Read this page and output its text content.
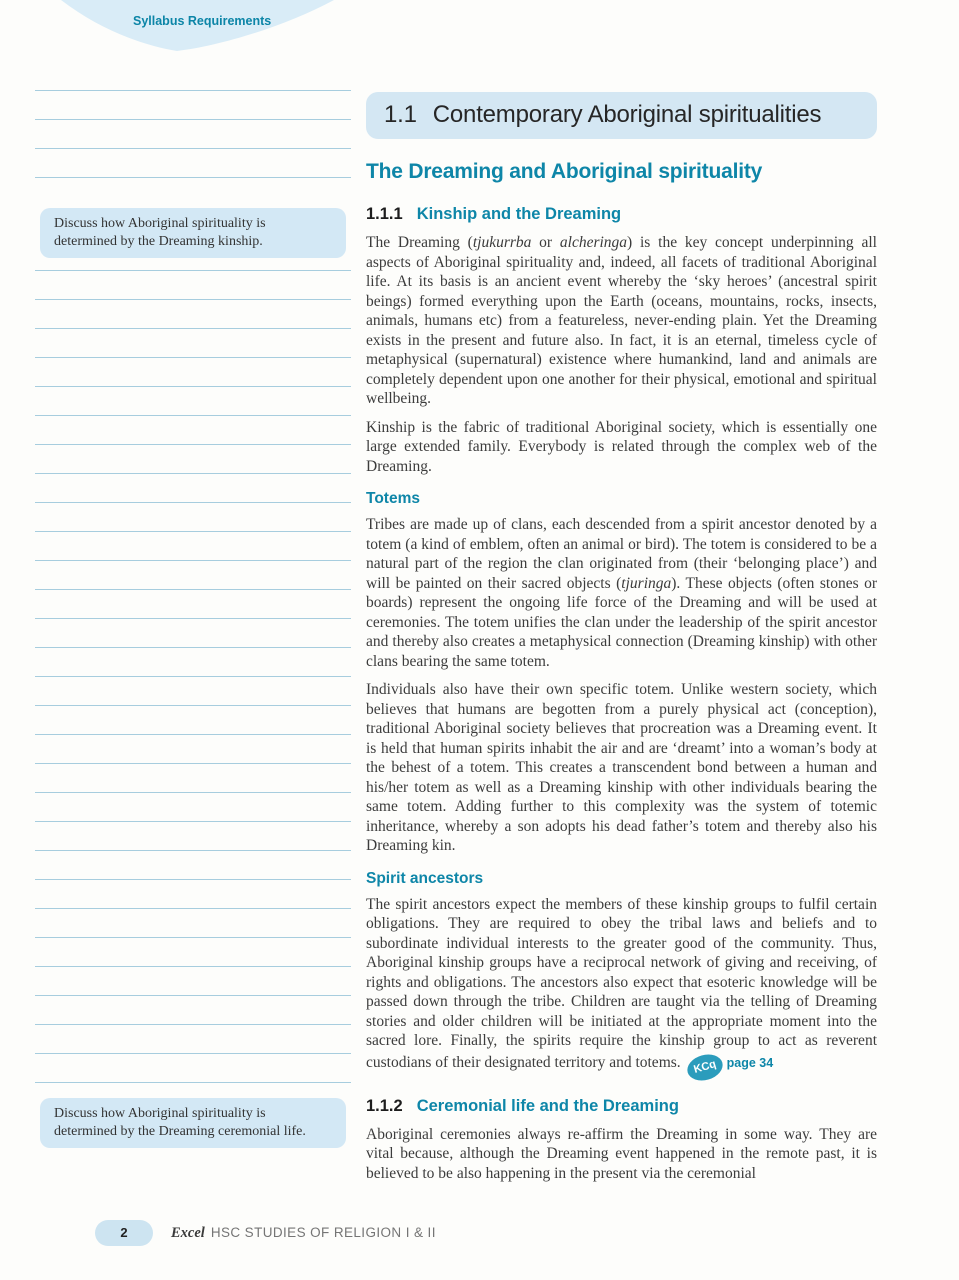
Syllabus Requirements
Discuss how Aboriginal spirituality is determined by the Dreaming kinship.
Discuss how Aboriginal spirituality is determined by the Dreaming ceremonial life.
1.1 Contemporary Aboriginal spiritualities
The Dreaming and Aboriginal spirituality
1.1.1 Kinship and the Dreaming

The Dreaming (tjukurrba or alcheringa) is the key concept underpinning all aspects of Aboriginal spirituality and, indeed, all facets of traditional Aboriginal life. At its basis is an ancient event whereby the ‘sky heroes’ (ancestral spirit beings) formed everything upon the Earth (oceans, mountains, rocks, insects, animals, humans etc) from a featureless, never-ending plain. Yet the Dreaming exists in the present and future also. In fact, it is an eternal, timeless cycle of metaphysical (supernatural) existence where humankind, land and animals are completely dependent upon one another for their physical, emotional and spiritual wellbeing.

Kinship is the fabric of traditional Aboriginal society, which is essentially one large extended family. Everybody is related through the complex web of the Dreaming.

Totems

Tribes are made up of clans, each descended from a spirit ancestor denoted by a totem (a kind of emblem, often an animal or bird). The totem is considered to be a natural part of the region the clan originated from (their ‘belonging place’) and will be painted on their sacred objects (tjuringa). These objects (often stones or boards) represent the ongoing life force of the Dreaming and will be used at ceremonies. The totem unifies the clan under the leadership of the spirit ancestor and thereby also creates a metaphysical connection (Dreaming kinship) with other clans bearing the same totem.

Individuals also have their own specific totem. Unlike western society, which believes that humans are begotten from a purely physical act (conception), traditional Aboriginal society believes that procreation was a Dreaming event. It is held that human spirits inhabit the air and are ‘dreamt’ into a woman’s body at the behest of a totem. This creates a transcendent bond between a human and his/her totem as well as a Dreaming kinship with other individuals bearing the same totem. Adding further to this complexity was the system of totemic inheritance, whereby a son adopts his dead father’s totem and thereby also his Dreaming kin.

Spirit ancestors

The spirit ancestors expect the members of these kinship groups to fulfil certain obligations. They are required to obey the tribal laws and beliefs and to subordinate individual interests to the greater good of the community. Thus, Aboriginal kinship groups have a reciprocal network of giving and receiving, of rights and obligations. The ancestors also expect that esoteric knowledge will be passed down through the tribe. Children are taught via the telling of Dreaming stories and older children will be initiated at the appropriate moment into the sacred lore. Finally, the spirits require the kinship group to act as reverent custodians of their designated territory and totems. KCq page 34

1.1.2 Ceremonial life and the Dreaming

Aboriginal ceremonies always re-affirm the Dreaming in some way. They are vital because, although the Dreaming event happened in the remote past, it is believed to be also happening in the present via the ceremonial

2	Excel HSC STUDIES OF RELIGION I & II
